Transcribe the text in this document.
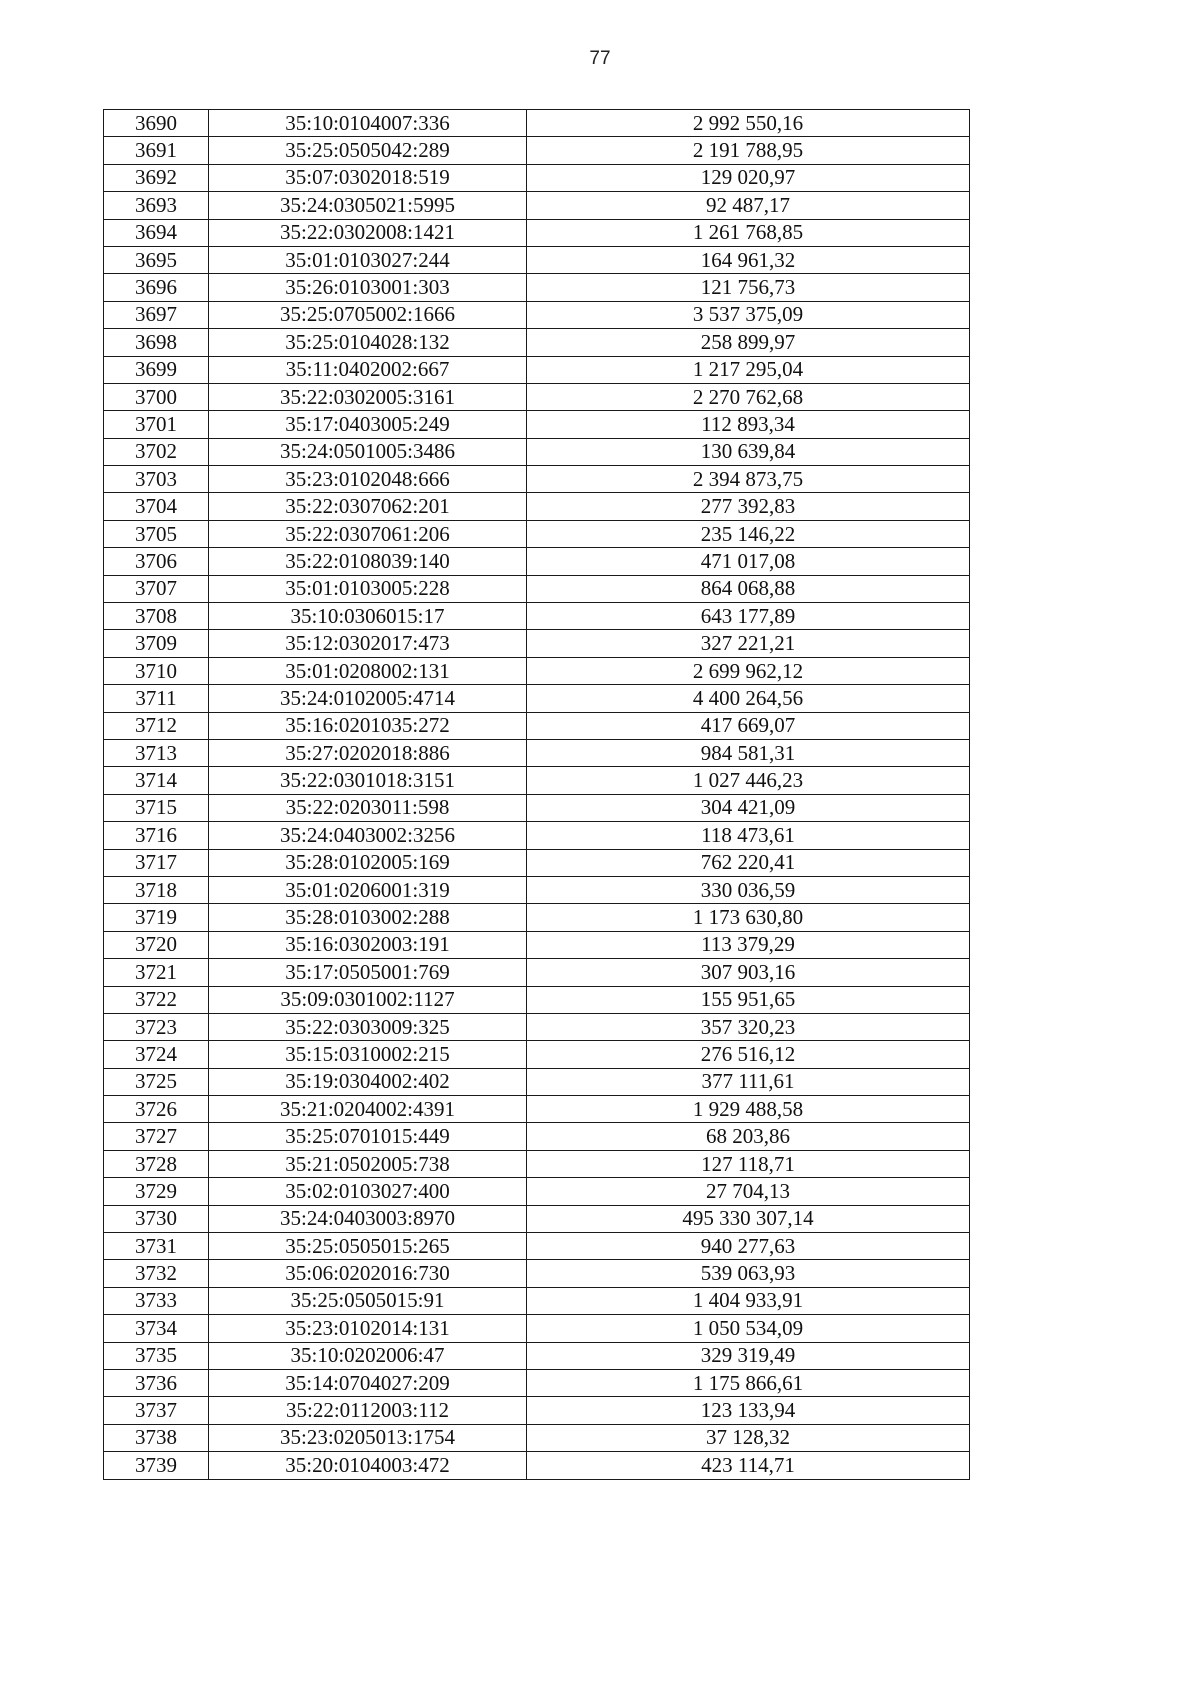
77
3690	35:10:0104007:336	2 992 550,16
3691	35:25:0505042:289	2 191 788,95
3692	35:07:0302018:519	129 020,97
3693	35:24:0305021:5995	92 487,17
3694	35:22:0302008:1421	1 261 768,85
3695	35:01:0103027:244	164 961,32
3696	35:26:0103001:303	121 756,73
3697	35:25:0705002:1666	3 537 375,09
3698	35:25:0104028:132	258 899,97
3699	35:11:0402002:667	1 217 295,04
3700	35:22:0302005:3161	2 270 762,68
3701	35:17:0403005:249	112 893,34
3702	35:24:0501005:3486	130 639,84
3703	35:23:0102048:666	2 394 873,75
3704	35:22:0307062:201	277 392,83
3705	35:22:0307061:206	235 146,22
3706	35:22:0108039:140	471 017,08
3707	35:01:0103005:228	864 068,88
3708	35:10:0306015:17	643 177,89
3709	35:12:0302017:473	327 221,21
3710	35:01:0208002:131	2 699 962,12
3711	35:24:0102005:4714	4 400 264,56
3712	35:16:0201035:272	417 669,07
3713	35:27:0202018:886	984 581,31
3714	35:22:0301018:3151	1 027 446,23
3715	35:22:0203011:598	304 421,09
3716	35:24:0403002:3256	118 473,61
3717	35:28:0102005:169	762 220,41
3718	35:01:0206001:319	330 036,59
3719	35:28:0103002:288	1 173 630,80
3720	35:16:0302003:191	113 379,29
3721	35:17:0505001:769	307 903,16
3722	35:09:0301002:1127	155 951,65
3723	35:22:0303009:325	357 320,23
3724	35:15:0310002:215	276 516,12
3725	35:19:0304002:402	377 111,61
3726	35:21:0204002:4391	1 929 488,58
3727	35:25:0701015:449	68 203,86
3728	35:21:0502005:738	127 118,71
3729	35:02:0103027:400	27 704,13
3730	35:24:0403003:8970	495 330 307,14
3731	35:25:0505015:265	940 277,63
3732	35:06:0202016:730	539 063,93
3733	35:25:0505015:91	1 404 933,91
3734	35:23:0102014:131	1 050 534,09
3735	35:10:0202006:47	329 319,49
3736	35:14:0704027:209	1 175 866,61
3737	35:22:0112003:112	123 133,94
3738	35:23:0205013:1754	37 128,32
3739	35:20:0104003:472	423 114,71
